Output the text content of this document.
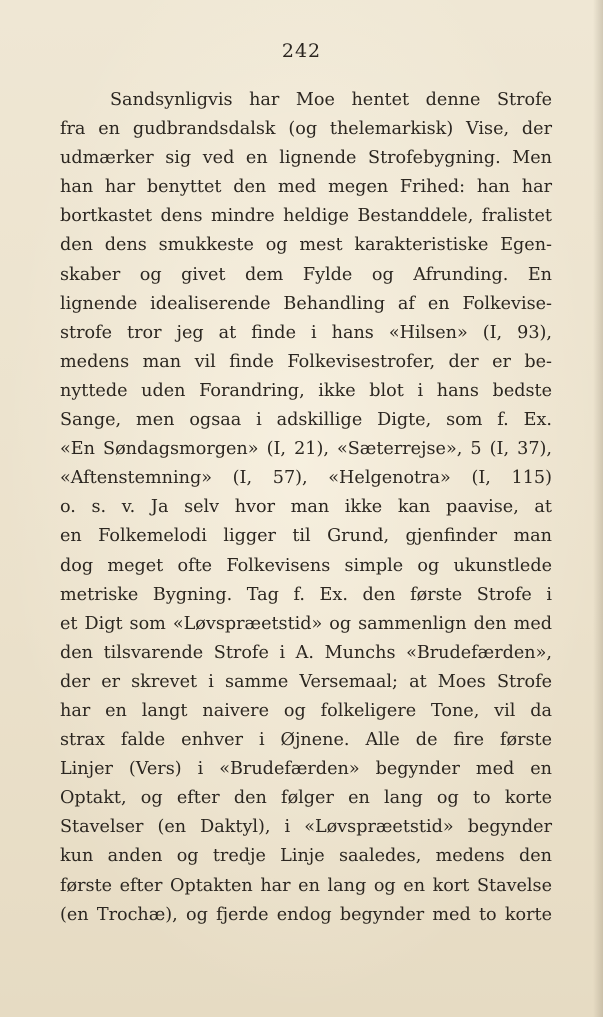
242
Sandsynligvis har Moe hentet denne Strofe
fra en gudbrandsdalsk (og thelemarkisk) Vise, der
udmærker sig ved en lignende Strofebygning. Men
han har benyttet den med megen Frihed: han har
bortkastet dens mindre heldige Bestanddele, fralistet
den dens smukkeste og mest karakteristiske Egen-
skaber og givet dem Fylde og Afrunding. En
lignende idealiserende Behandling af en Folkevise-
strofe tror jeg at finde i hans «Hilsen» (I, 93),
medens man vil finde Folkevisestrofer, der er be-
nyttede uden Forandring, ikke blot i hans bedste
Sange, men ogsaa i adskillige Digte, som f. Ex.
«En Søndagsmorgen» (I, 21), «Sæterrejse», 5 (I, 37),
«Aftenstemning» (I, 57), «Helgenotra» (I, 115)
o. s. v. Ja selv hvor man ikke kan paavise, at
en Folkemelodi ligger til Grund, gjenfinder man
dog meget ofte Folkevisens simple og ukunstlede
metriske Bygning. Tag f. Ex. den første Strofe i
et Digt som «Løvspræetstid» og sammenlign den med
den tilsvarende Strofe i A. Munchs «Brudefærden»,
der er skrevet i samme Versemaal; at Moes Strofe
har en langt naivere og folkeligere Tone, vil da
strax falde enhver i Øjnene. Alle de fire første
Linjer (Vers) i «Brudefærden» begynder med en
Optakt, og efter den følger en lang og to korte
Stavelser (en Daktyl), i «Løvspræetstid» begynder
kun anden og tredje Linje saaledes, medens den
første efter Optakten har en lang og en kort Stavelse
(en Trochæ), og fjerde endog begynder med to korte
